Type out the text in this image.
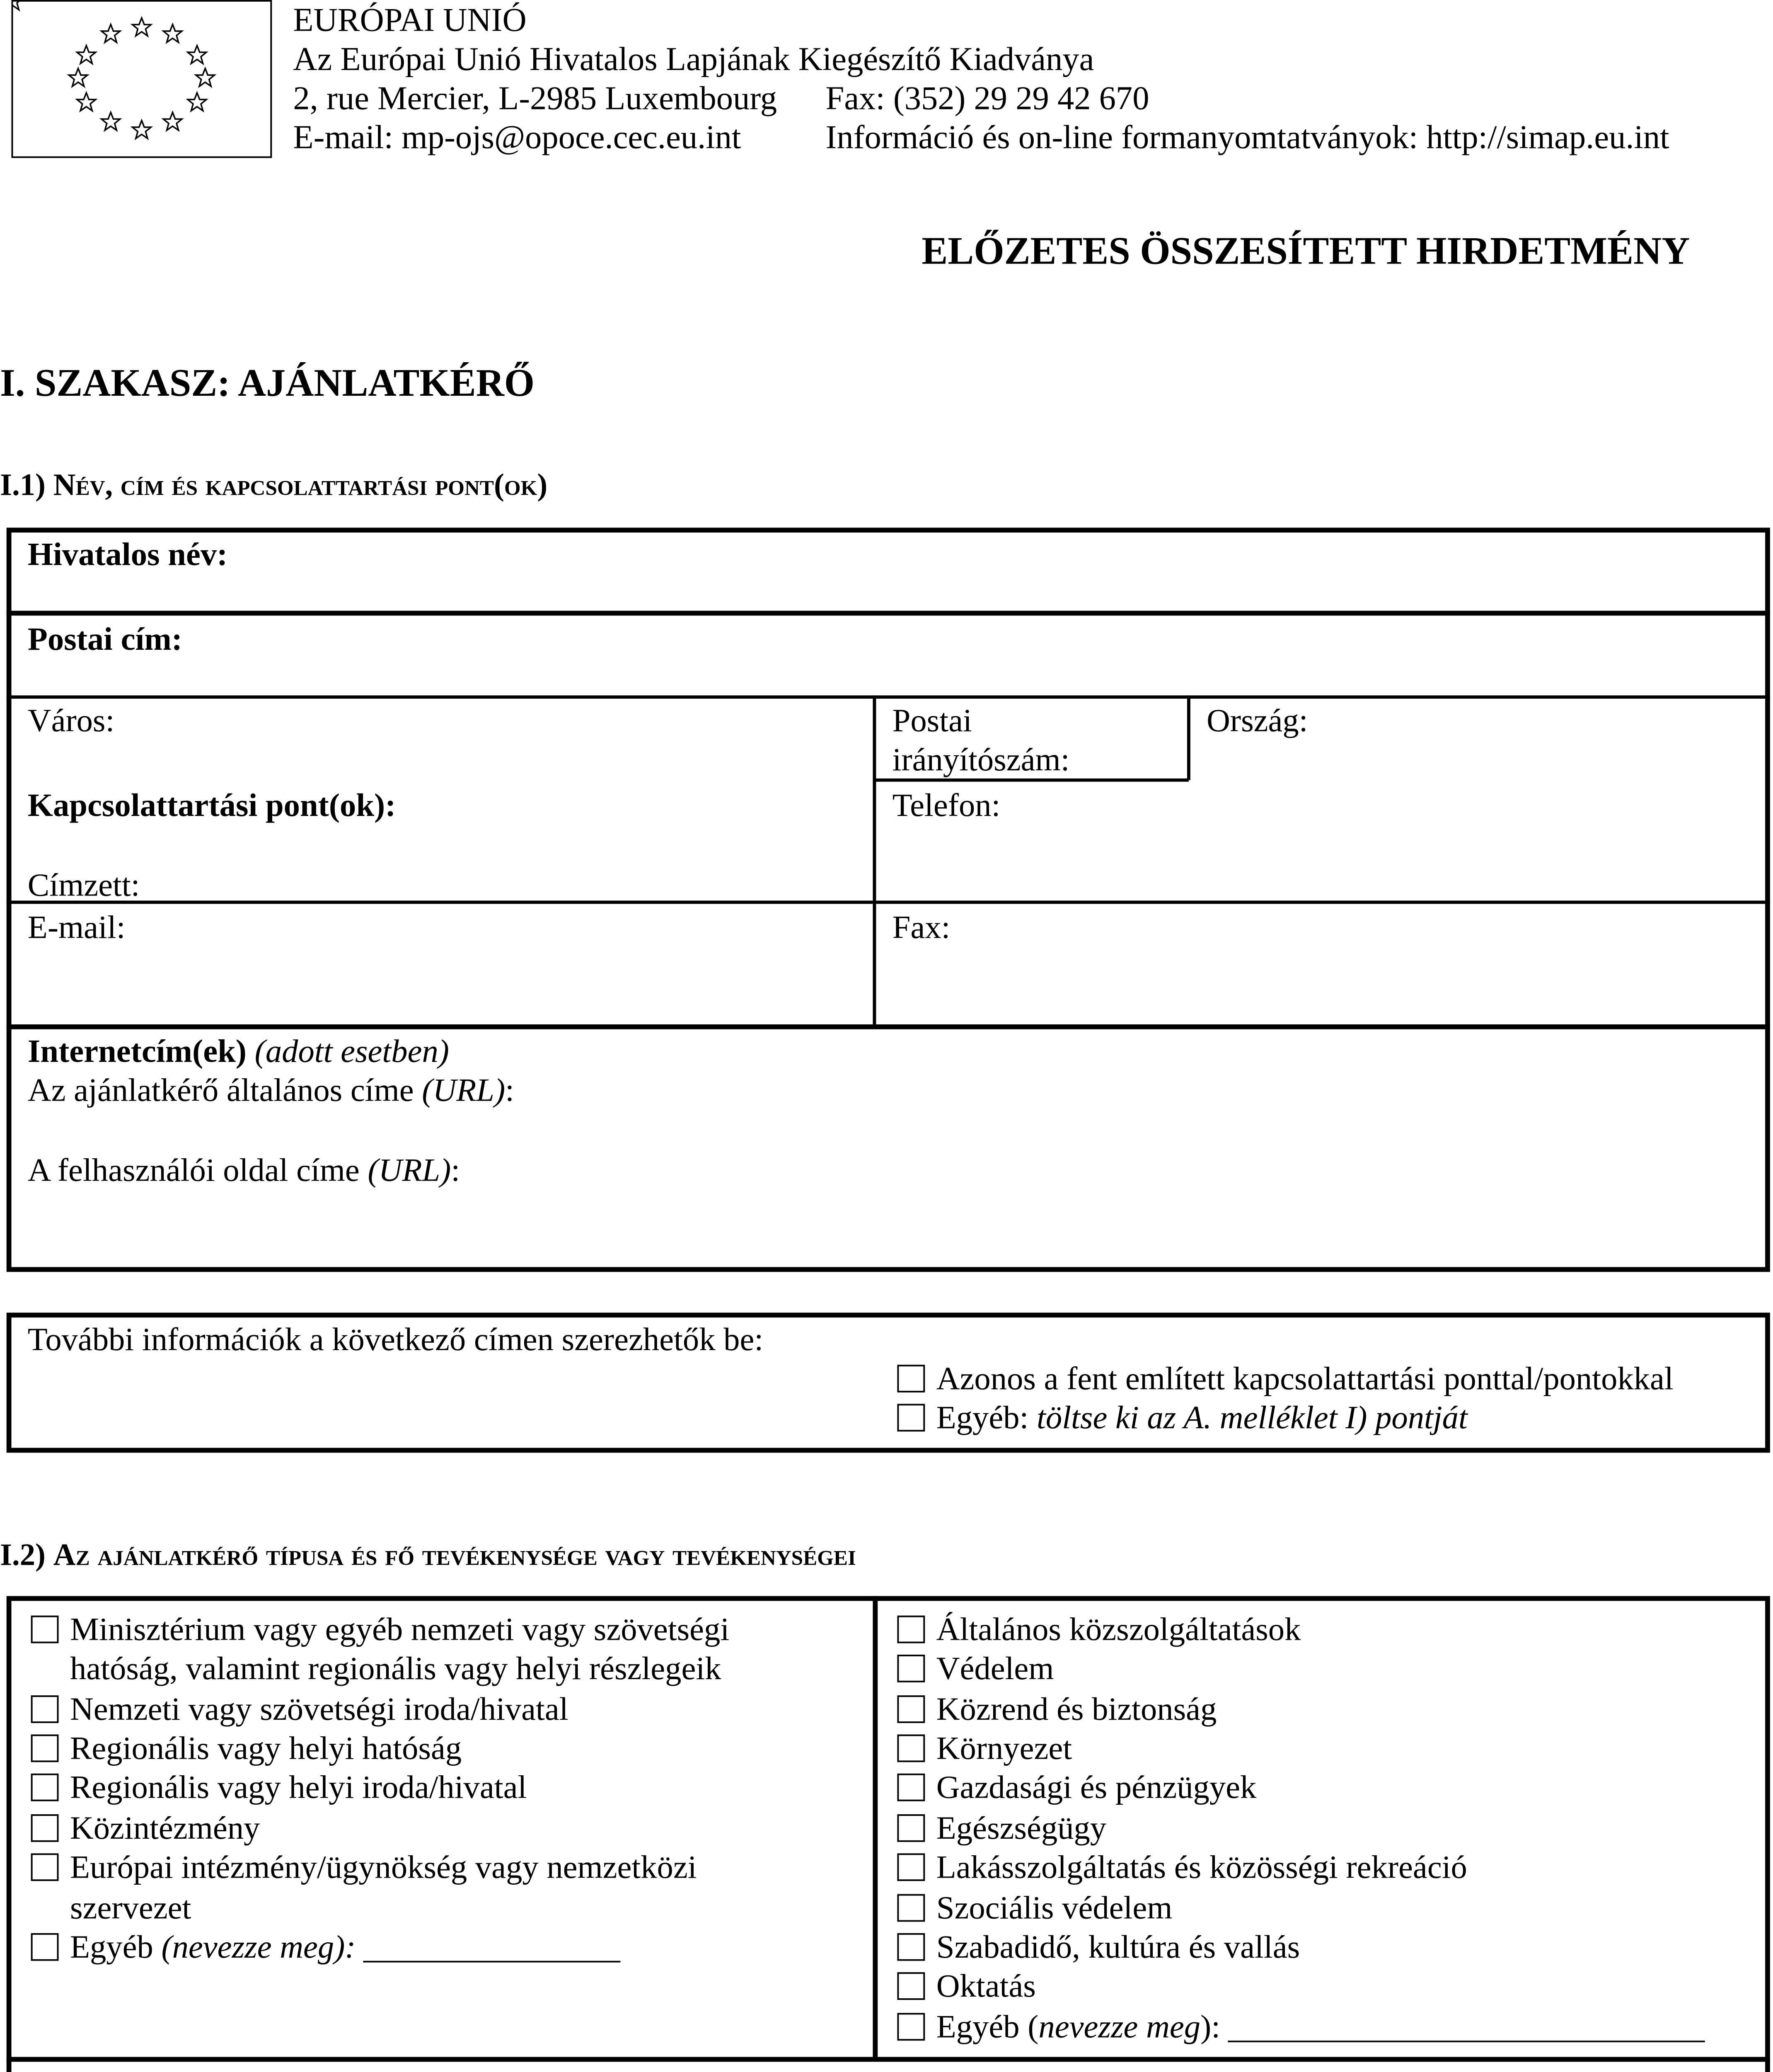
EURÓPAI UNIÓ
Az Európai Unió Hivatalos Lapjának Kiegészítő Kiadványa
2, rue Mercier, L-2985 Luxembourg	Fax: (352) 29 29 42 670
E-mail: mp-ojs@opoce.cec.eu.int	Információ és on-line formanyomtatványok: http://simap.eu.int
ELŐZETES ÖSSZESÍTETT HIRDETMÉNY
I. SZAKASZ: AJÁNLATKÉRŐ
I.1) Név, cím és kapcsolattartási pont(ok)
Hivatalos név:
Postai cím:
Város:	Postai
irányítószám:
Ország:
Kapcsolattartási pont(ok):	Telefon:
Címzett:
E-mail:	Fax:
Internetcím(ek) (adott esetben)
Az ajánlatkérő általános címe (URL):
A felhasználói oldal címe (URL):
További információk a következő címen szerezhetők be:
Azonos a fent említett kapcsolattartási ponttal/pontokkal
Egyéb: töltse ki az A. melléklet I) pontját
I.2) Az ajánlatkérő típusa és fő tevékenysége vagy tevékenységei
Minisztérium vagy egyéb nemzeti vagy szövetségi
hatóság, valamint regionális vagy helyi részlegeik
Nemzeti vagy szövetségi iroda/hivatal
Regionális vagy helyi hatóság
Regionális vagy helyi iroda/hivatal
Közintézmény
Európai intézmény/ügynökség vagy nemzetközi
szervezet
Egyéb (nevezze meg):
Általános közszolgáltatások
Védelem
Közrend és biztonság
Környezet
Gazdasági és pénzügyek
Egészségügy
Lakásszolgáltatás és közösségi rekreáció
Szociális védelem
Szabadidő, kultúra és vallás
Oktatás
Egyéb (nevezze meg):
